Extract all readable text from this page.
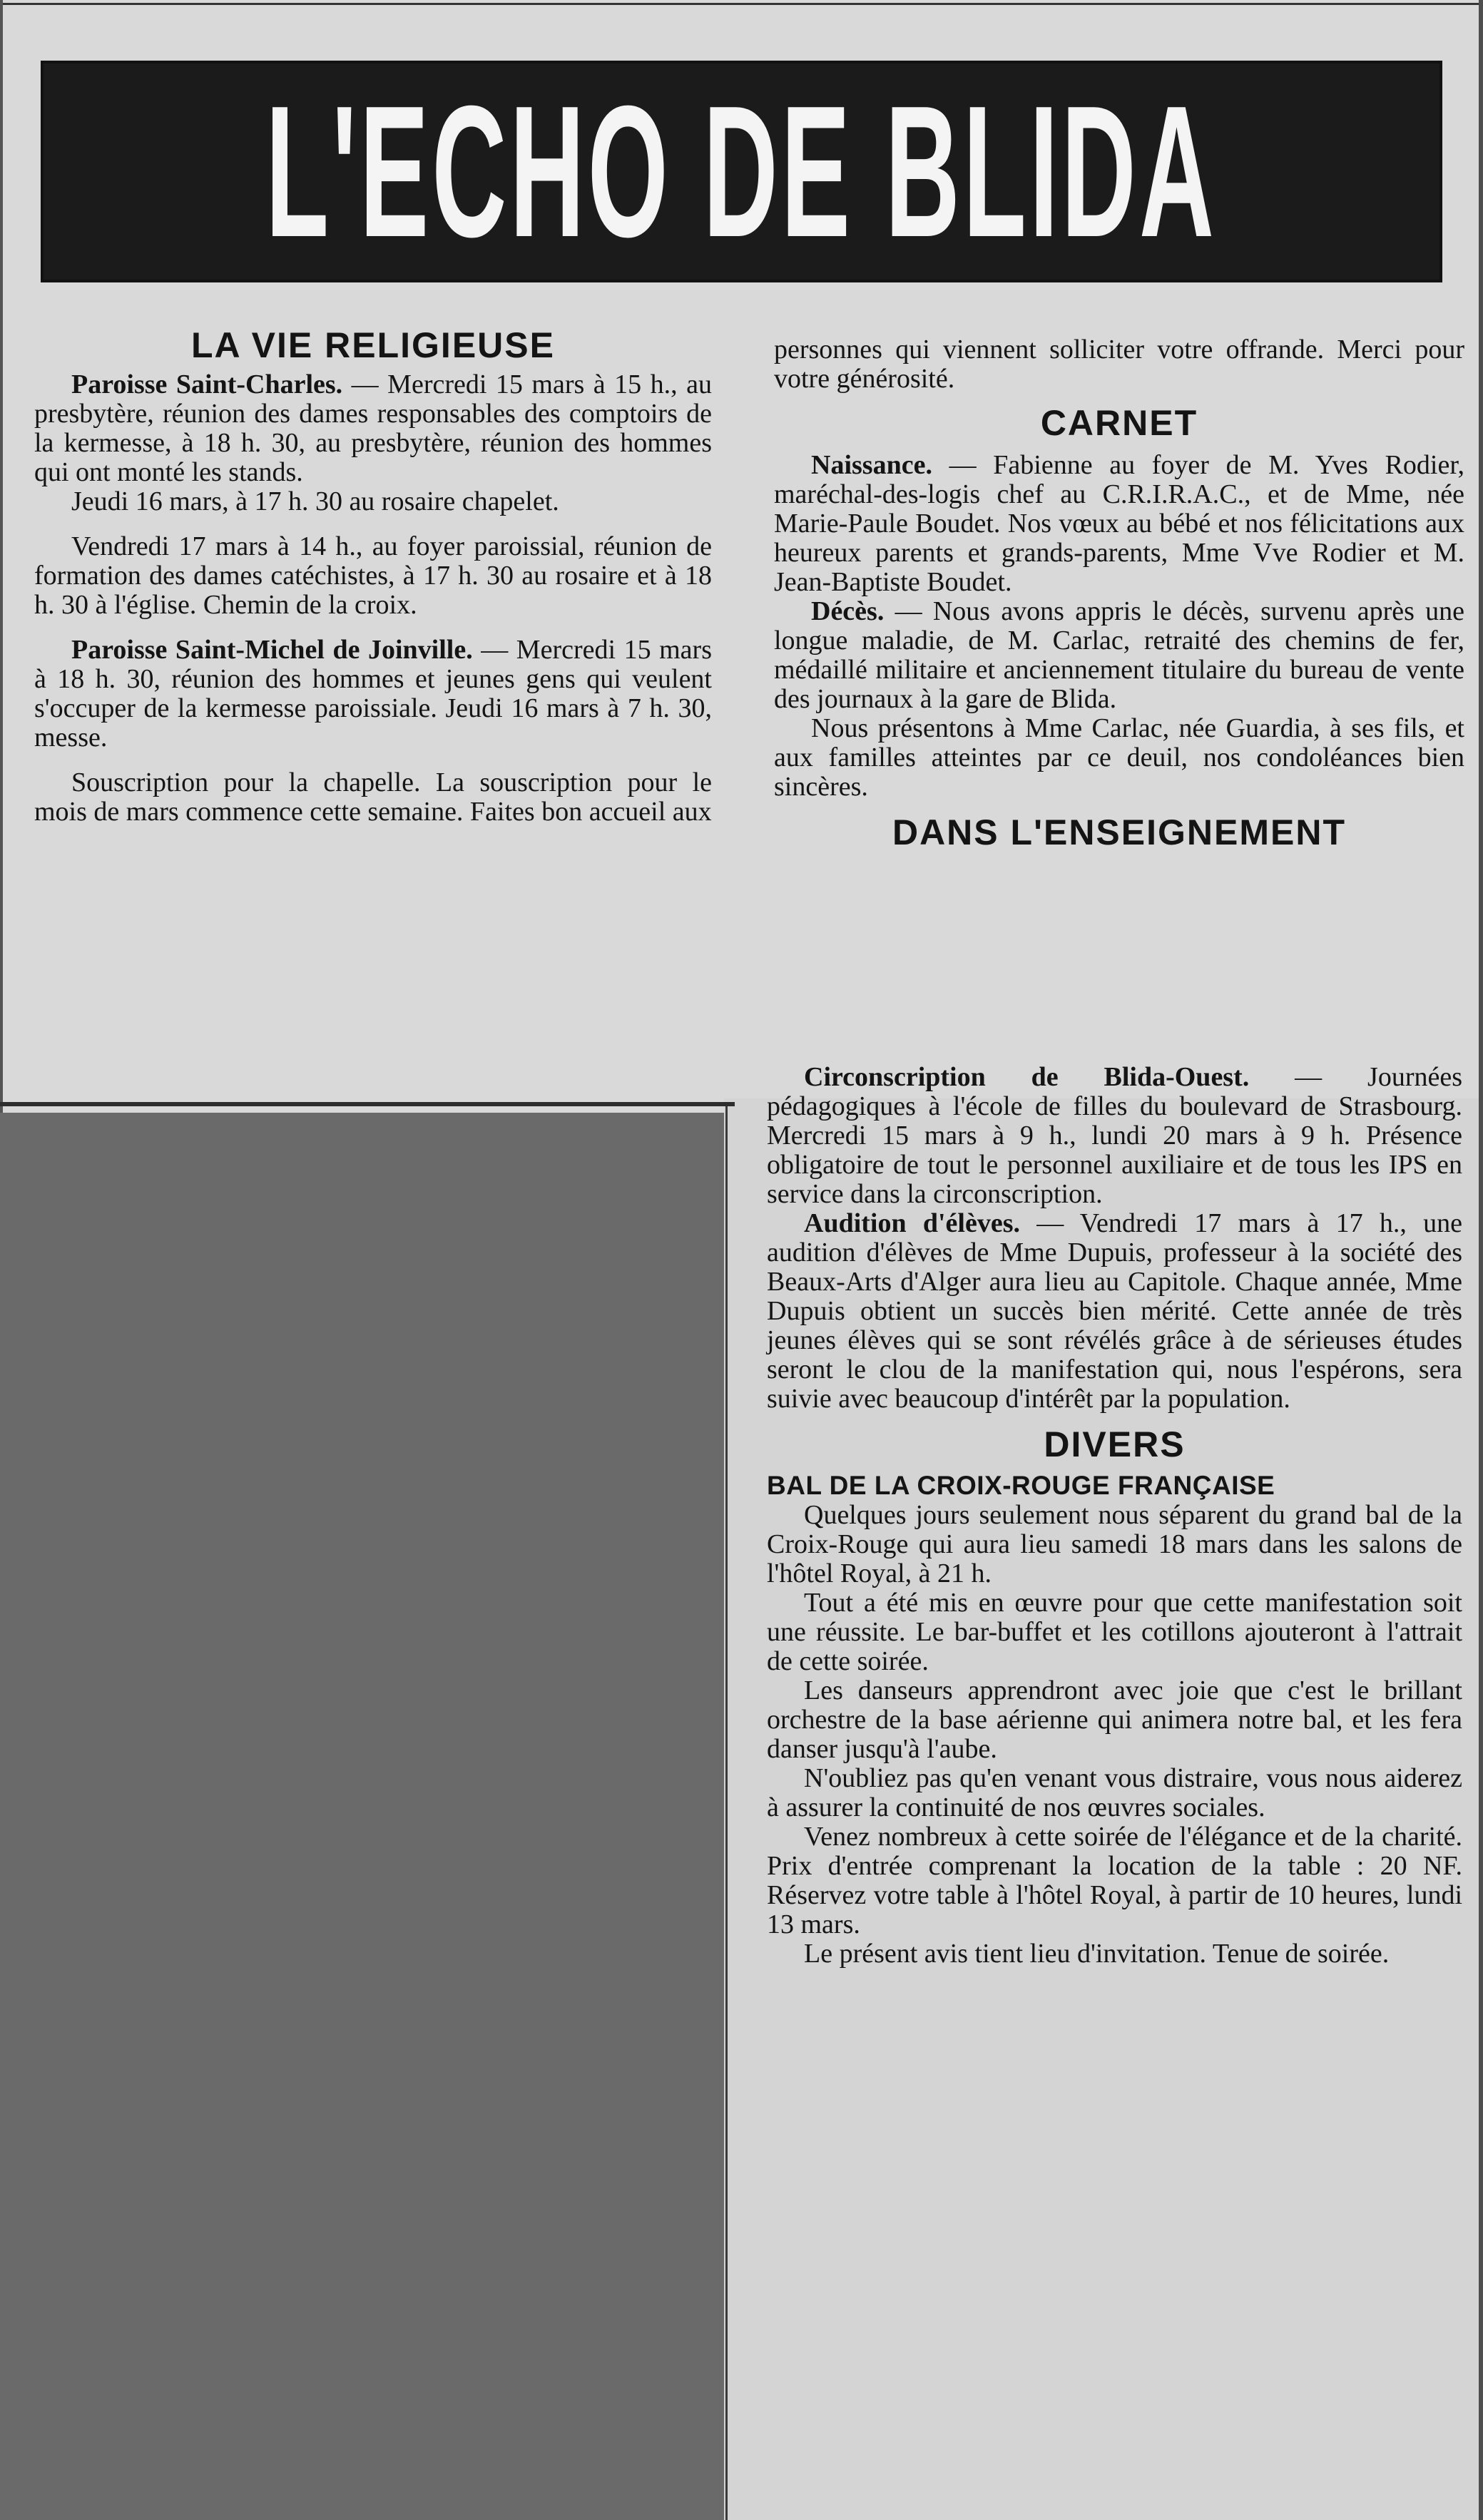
L'ECHO DE BLIDA
LA VIE RELIGIEUSE

Paroisse Saint-Charles. — Mercredi 15 mars à 15 h., au presbytère, réunion des dames responsables des comptoirs de la kermesse, à 18 h. 30, au presbytère, réunion des hommes qui ont monté les stands.

Jeudi 16 mars, à 17 h. 30 au rosaire chapelet.

Vendredi 17 mars à 14 h., au foyer paroissial, réunion de formation des dames catéchistes, à 17 h. 30 au rosaire et à 18 h. 30 à l'église. Chemin de la croix.

Paroisse Saint-Michel de Joinville. — Mercredi 15 mars à 18 h. 30, réunion des hommes et jeunes gens qui veulent s'occuper de la kermesse paroissiale. Jeudi 16 mars à 7 h. 30, messe.

Souscription pour la chapelle. La souscription pour le mois de mars commence cette semaine. Faites bon accueil aux

personnes qui viennent solliciter votre offrande. Merci pour votre générosité.

CARNET

Naissance. — Fabienne au foyer de M. Yves Rodier, maréchal-des-logis chef au C.R.I.R.A.C., et de Mme, née Marie-Paule Boudet. Nos vœux au bébé et nos félicitations aux heureux parents et grands-parents, Mme Vve Rodier et M. Jean-Baptiste Boudet.

Décès. — Nous avons appris le décès, survenu après une longue maladie, de M. Carlac, retraité des chemins de fer, médaillé militaire et anciennement titulaire du bureau de vente des journaux à la gare de Blida.

Nous présentons à Mme Carlac, née Guardia, à ses fils, et aux familles atteintes par ce deuil, nos condoléances bien sincères.

DANS L'ENSEIGNEMENT

Circonscription de Blida-Ouest. — Journées pédagogiques à l'école de filles du boulevard de Strasbourg. Mercredi 15 mars à 9 h., lundi 20 mars à 9 h. Présence obligatoire de tout le personnel auxiliaire et de tous les IPS en service dans la circonscription.

Audition d'élèves. — Vendredi 17 mars à 17 h., une audition d'élèves de Mme Dupuis, professeur à la société des Beaux-Arts d'Alger aura lieu au Capitole. Chaque année, Mme Dupuis obtient un succès bien mérité. Cette année de très jeunes élèves qui se sont révélés grâce à de sérieuses études seront le clou de la manifestation qui, nous l'espérons, sera suivie avec beaucoup d'intérêt par la population.

DIVERS

BAL DE LA CROIX-ROUGE FRANÇAISE

Quelques jours seulement nous séparent du grand bal de la Croix-Rouge qui aura lieu samedi 18 mars dans les salons de l'hôtel Royal, à 21 h.

Tout a été mis en œuvre pour que cette manifestation soit une réussite. Le bar-buffet et les cotillons ajouteront à l'attrait de cette soirée.

Les danseurs apprendront avec joie que c'est le brillant orchestre de la base aérienne qui animera notre bal, et les fera danser jusqu'à l'aube.

N'oubliez pas qu'en venant vous distraire, vous nous aiderez à assurer la continuité de nos œuvres sociales.

Venez nombreux à cette soirée de l'élégance et de la charité. Prix d'entrée comprenant la location de la table : 20 NF. Réservez votre table à l'hôtel Royal, à partir de 10 heures, lundi 13 mars.

Le présent avis tient lieu d'invitation. Tenue de soirée.
